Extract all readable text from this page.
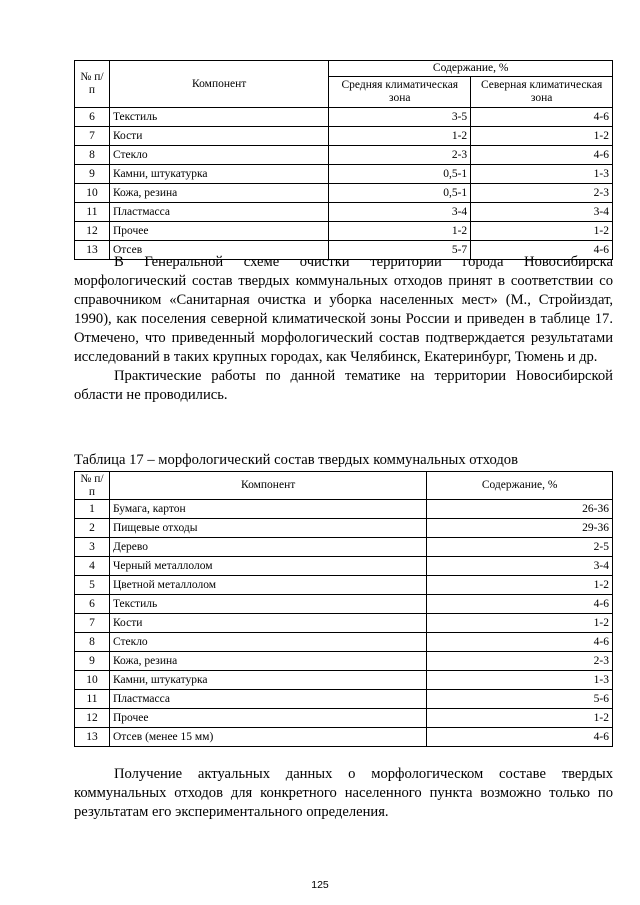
№ п/п	Компонент	Содержание, %	
		Средняя климатическая зона	Северная климатическая зона
6	Текстиль	3-5	4-6
7	Кости	1-2	1-2
8	Стекло	2-3	4-6
9	Камни, штукатурка	0,5-1	1-3
10	Кожа, резина	0,5-1	2-3
11	Пластмасса	3-4	3-4
12	Прочее	1-2	1-2
13	Отсев	5-7	4-6
В Генеральной схеме очистки территории города Новосибирска морфологический состав твердых коммунальных отходов принят в соответствии со справочником «Санитарная очистка и уборка населенных мест» (М., Стройиздат, 1990), как поселения северной климатической зоны России и приведен в таблице 17. Отмечено, что приведенный морфологический состав подтверждается результатами исследований в таких крупных городах, как Челябинск, Екатеринбург, Тюмень и др.
Практические работы по данной тематике на территории Новосибирской области не проводились.

Таблица 17 – морфологический состав твердых коммунальных отходов

№ п/п	Компонент	Содержание, %
1	Бумага, картон	26-36
2	Пищевые отходы	29-36
3	Дерево	2-5
4	Черный металлолом	3-4
5	Цветной металлолом	1-2
6	Текстиль	4-6
7	Кости	1-2
8	Стекло	4-6
9	Кожа, резина	2-3
10	Камни, штукатурка	1-3
11	Пластмасса	5-6
12	Прочее	1-2
13	Отсев (менее 15 мм)	4-6
Получение актуальных данных о морфологическом составе твердых коммунальных отходов для конкретного населенного пункта возможно только по результатам его экспериментального определения.
125
